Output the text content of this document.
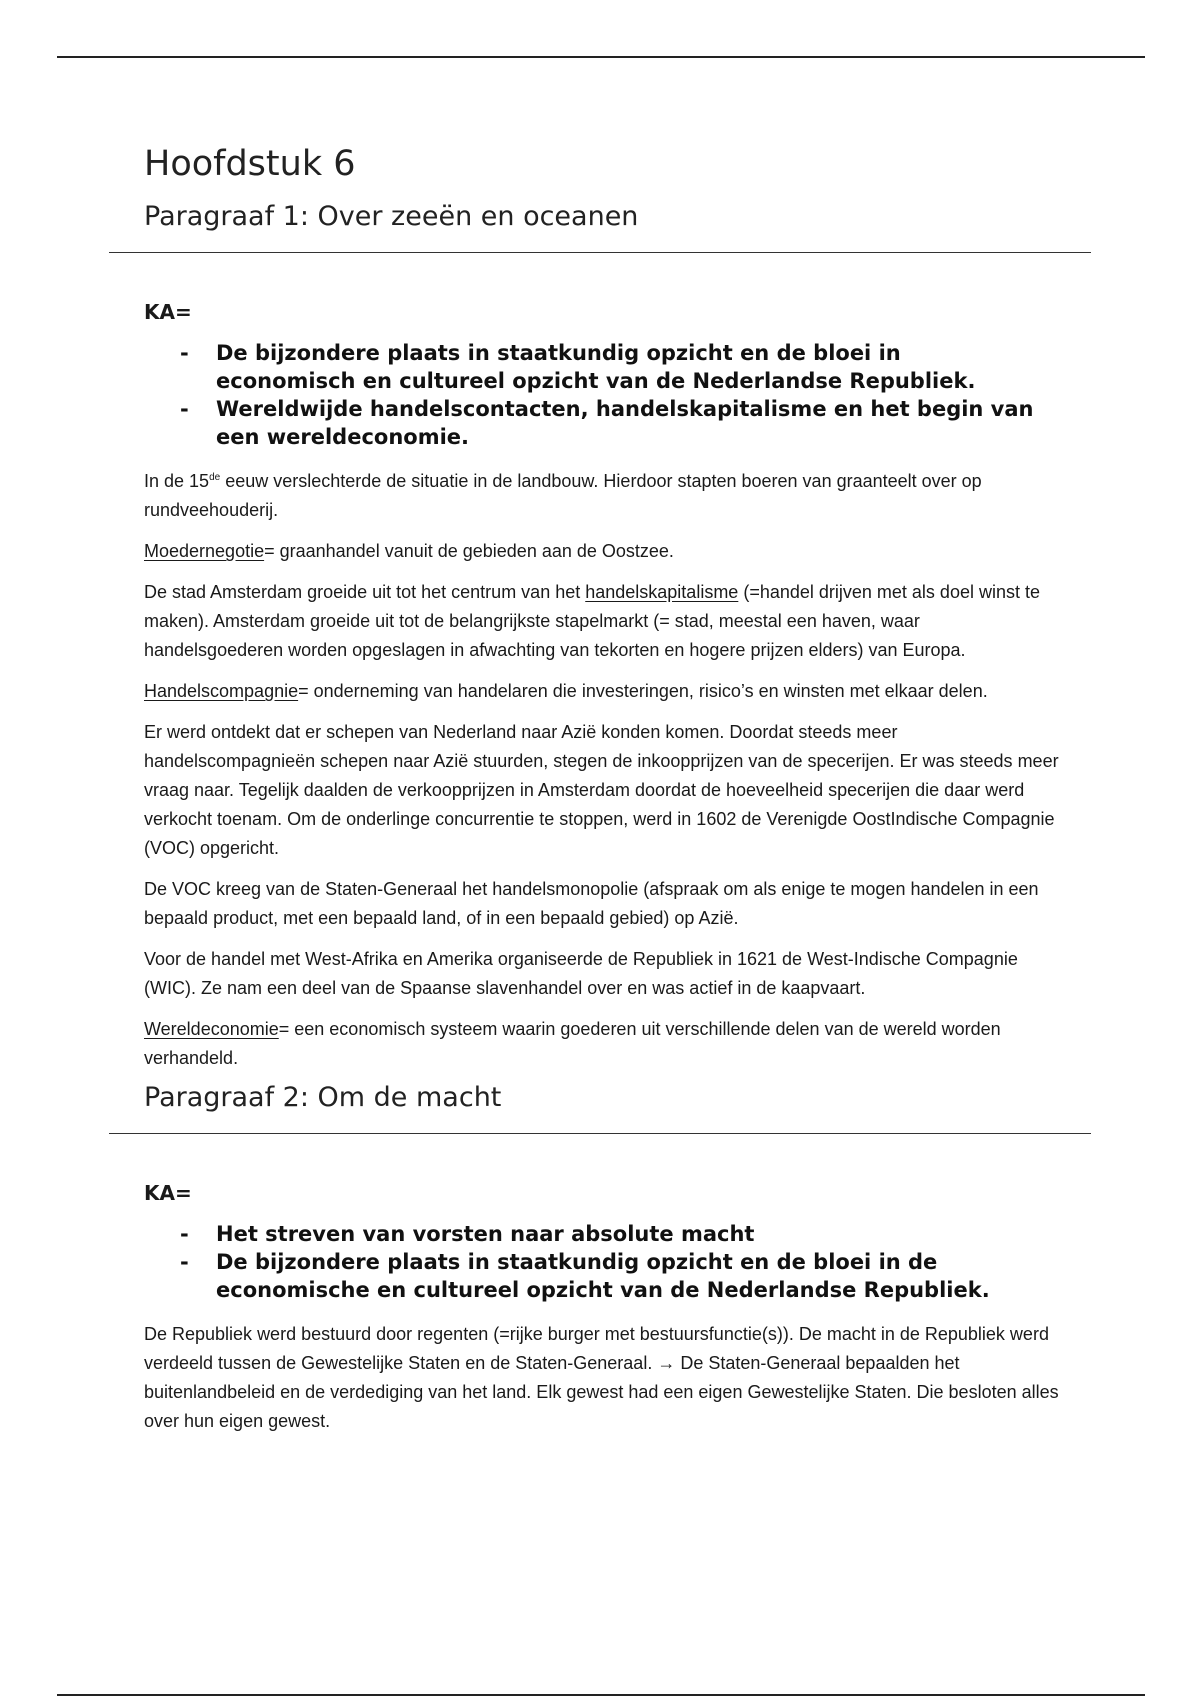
Hoofdstuk 6
Paragraaf 1: Over zeeën en oceanen
KA=
- De bijzondere plaats in staatkundig opzicht en de bloei in economisch en cultureel opzicht van de Nederlandse Republiek.
- Wereldwijde handelscontacten, handelskapitalisme en het begin van een wereldeconomie.

In de 15de eeuw verslechterde de situatie in de landbouw. Hierdoor stapten boeren van graanteelt over op rundveehouderij.

Moedernegotie= graanhandel vanuit de gebieden aan de Oostzee.

De stad Amsterdam groeide uit tot het centrum van het handelskapitalisme (=handel drijven met als doel winst te maken). Amsterdam groeide uit tot de belangrijkste stapelmarkt (= stad, meestal een haven, waar handelsgoederen worden opgeslagen in afwachting van tekorten en hogere prijzen elders) van Europa.

Handelscompagnie= onderneming van handelaren die investeringen, risico’s en winsten met elkaar delen.

Er werd ontdekt dat er schepen van Nederland naar Azië konden komen. Doordat steeds meer handelscompagnieën schepen naar Azië stuurden, stegen de inkoopprijzen van de specerijen. Er was steeds meer vraag naar. Tegelijk daalden de verkoopprijzen in Amsterdam doordat de hoeveelheid specerijen die daar werd verkocht toenam. Om de onderlinge concurrentie te stoppen, werd in 1602 de Verenigde OostIndische Compagnie (VOC) opgericht.

De VOC kreeg van de Staten-Generaal het handelsmonopolie (afspraak om als enige te mogen handelen in een bepaald product, met een bepaald land, of in een bepaald gebied) op Azië.

Voor de handel met West-Afrika en Amerika organiseerde de Republiek in 1621 de West-Indische Compagnie (WIC). Ze nam een deel van de Spaanse slavenhandel over en was actief in de kaapvaart.

Wereldeconomie= een economisch systeem waarin goederen uit verschillende delen van de wereld worden verhandeld.

Paragraaf 2: Om de macht
KA=
- Het streven van vorsten naar absolute macht
- De bijzondere plaats in staatkundig opzicht en de bloei in de economische en cultureel opzicht van de Nederlandse Republiek.

De Republiek werd bestuurd door regenten (=rijke burger met bestuursfunctie(s)). De macht in de Republiek werd verdeeld tussen de Gewestelijke Staten en de Staten-Generaal. → De Staten-Generaal bepaalden het buitenlandbeleid en de verdediging van het land. Elk gewest had een eigen Gewestelijke Staten. Die besloten alles over hun eigen gewest.
